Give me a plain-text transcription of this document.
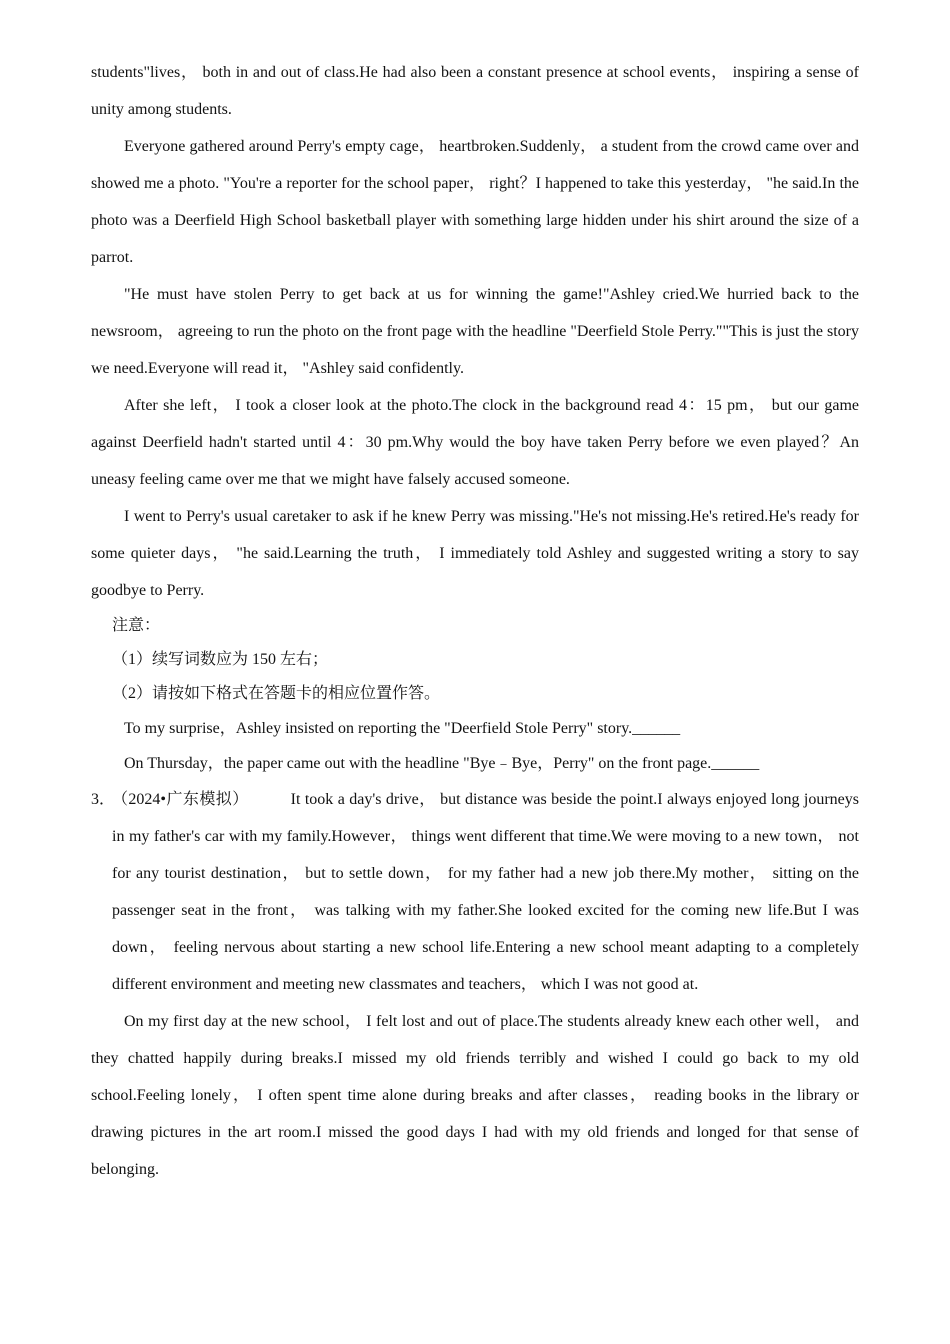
students"lives， both in and out of class.He had also been a constant presence at school events， inspiring a sense of unity among students.

Everyone gathered around Perry's empty cage， heartbroken.Suddenly， a student from the crowd came over and showed me a photo. "You're a reporter for the school paper， right？I happened to take this yesterday， "he said.In the photo was a Deerfield High School basketball player with something large hidden under his shirt around the size of a parrot.

"He must have stolen Perry to get back at us for winning the game!"Ashley cried.We hurried back to the newsroom， agreeing to run the photo on the front page with the headline "Deerfield Stole Perry.""This is just the story we need.Everyone will read it， "Ashley said confidently.

After she left， I took a closer look at the photo.The clock in the background read 4：15 pm， but our game against Deerfield hadn't started until 4：30 pm.Why would the boy have taken Perry before we even played？An uneasy feeling came over me that we might have falsely accused someone.

I went to Perry's usual caretaker to ask if he knew Perry was missing."He's not missing.He's retired.He's ready for some quieter days， "he said.Learning the truth， I immediately told Ashley and suggested writing a story to say goodbye to Perry.

注意：

（1）续写词数应为 150 左右；

（2）请按如下格式在答题卡的相应位置作答。

To my surprise，Ashley insisted on reporting the "Deerfield Stole Perry" story.______

On Thursday，the paper came out with the headline "Bye﹣Bye，Perry" on the front page.______

3．
（2024•广东模拟）	It took a day's drive， but distance was beside the point.I always enjoyed long journeys in my father's car with my family.However， things went different that time.We were moving to a new town， not for any tourist destination， but to settle down， for my father had a new job there.My mother， sitting on the passenger seat in the front， was talking with my father.She looked excited for the coming new life.But I was down， feeling nervous about starting a new school life.Entering a new school meant adapting to a completely different environment and meeting new classmates and teachers， which I was not good at.

On my first day at the new school， I felt lost and out of place.The students already knew each other well， and they chatted happily during breaks.I missed my old friends terribly and wished I could go back to my old school.Feeling lonely， I often spent time alone during breaks and after classes， reading books in the library or drawing pictures in the art room.I missed the good days I had with my old friends and longed for that sense of belonging.
